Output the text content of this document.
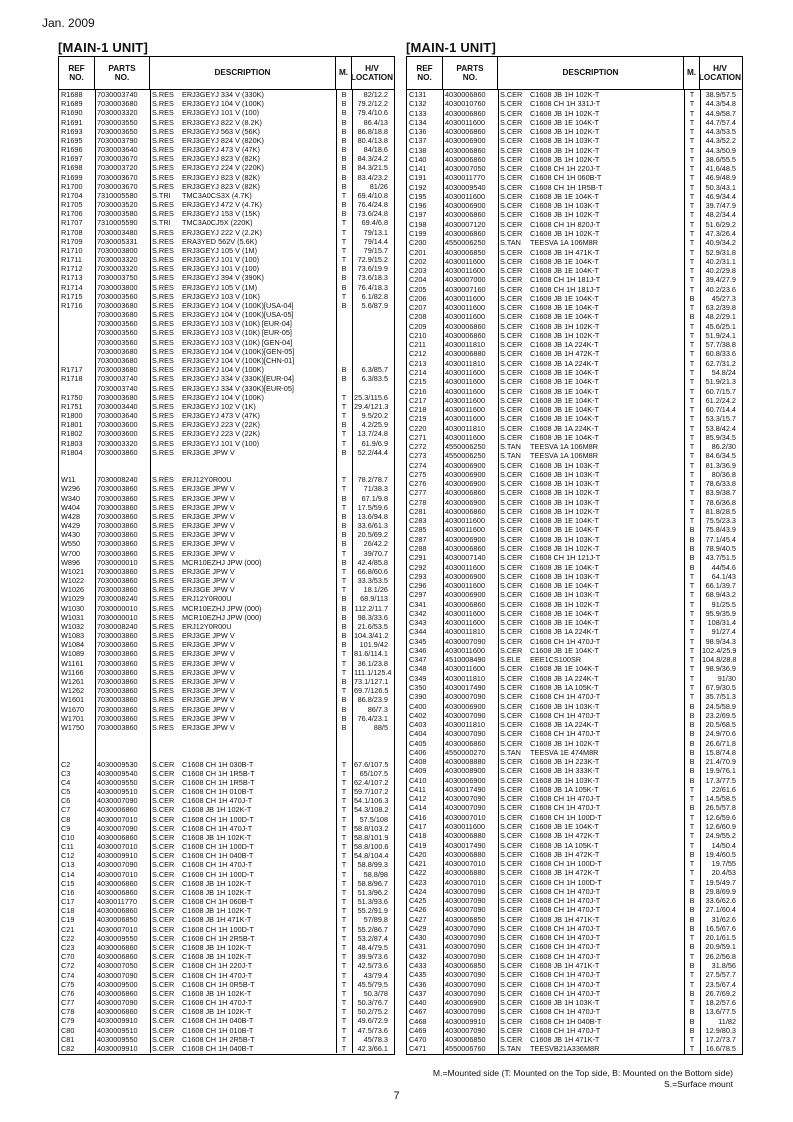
Jan. 2009
[MAIN-1 UNIT]	[MAIN-1 UNIT]
REF
NO.
PARTS
NO.
DESCRIPTION	M.
H/V
LOCATION
R1688	7030003740	S.RES ERJ3GEYJ 334 V (330K)	B	82/12.2
R1689	7030003680	S.RES ERJ3GEYJ 104 V (100K)	B	79.2/12.2
R1690	7030003320	S.RES ERJ3GEYJ 101 V (100)	B	79.4/10.6
R1691	7030003550	S.RES ERJ3GEYJ 822 V (8.2K)	B	86.4/13
R1693	7030003650	S.RES ERJ3GEYJ 563 V (56K)	B	86.8/18.8
R1695	7030003790	S.RES ERJ3GEYJ 824 V (820K)	B	80.4/13.8
R1696	7030003640	S.RES ERJ3GEYJ 473 V (47K)	B	84/18.6
R1697	7030003670	S.RES ERJ3GEYJ 823 V (82K)	B	84.3/24.2
R1698	7030003720	S.RES ERJ3GEYJ 224 V (220K)	B	84.3/21.5
R1699	7030003670	S.RES ERJ3GEYJ 823 V (82K)	B	83.4/23.2
R1700	7030003670	S.RES ERJ3GEYJ 823 V (82K)	B	81/26
R1704	7310005580	S.TRI TMC3A0CS3X (4.7K)	T	69.4/10.8
R1705	7030003520	S.RES ERJ3GEYJ 472 V (4.7K)	B	76.4/24.8
R1706	7030003580	S.RES ERJ3GEYJ 153 V (15K)	B	73.6/24.8
R1707	7310005590	S.TRI TMC3A0CJ5X (220K)	T	69.4/6.8
R1708	7030003480	S.RES ERJ3GEYJ 222 V (2.2K)	T	79/13.1
R1709	7030005331	S.RES ERA3YED 562V (5.6K)	T	79/14.4
R1710	7030003800	S.RES ERJ3GEYJ 105 V (1M)	T	79/15.7
R1711	7030003320	S.RES ERJ3GEYJ 101 V (100)	T	72.9/15.2
R1712	7030003320	S.RES ERJ3GEYJ 101 V (100)	B	73.6/19.9
R1713	7030003750	S.RES ERJ3GEYJ 394 V (390K)	B	73.6/18.3
R1714	7030003800	S.RES ERJ3GEYJ 105 V (1M)	B	76.4/18.3
R1715	7030003560	S.RES ERJ3GEYJ 103 V (10K)	T	6.1/82.8
R1716	7030003680	S.RES ERJ3GEYJ 104 V (100K)[USA-04]	B	5.6/87.9
7030003680	S.RES ERJ3GEYJ 104 V (100K)[USA-05]
7030003560	S.RES ERJ3GEYJ 103 V (10K) [EUR-04]
7030003560	S.RES ERJ3GEYJ 103 V (10K) [EUR-05]
7030003560	S.RES ERJ3GEYJ 103 V (10K) [GEN-04]
7030003680	S.RES ERJ3GEYJ 104 V (100K)[GEN-05]
7030003680	S.RES ERJ3GEYJ 104 V (100K)[CHN-01]
R1717	7030003680	S.RES ERJ3GEYJ 104 V (100K)	B	6.3/85.7
R1718	7030003740	S.RES ERJ3GEYJ 334 V (330K)[EUR-04]	B	6.3/83.5
7030003740	S.RES ERJ3GEYJ 334 V (330K)[EUR-05]
R1750	7030003680	S.RES ERJ3GEYJ 104 V (100K)	T	25.3/115.6
R1751	7030003440	S.RES ERJ3GEYJ 102 V (1K)	T	29.4/121.3
R1800	7030003640	S.RES ERJ3GEYJ 473 V (47K)	T	9.5/20.2
R1801	7030003600	S.RES ERJ3GEYJ 223 V (22K)	B	4.2/25.9
R1802	7030003600	S.RES ERJ3GEYJ 223 V (22K)	T	13.7/24.8
R1803	7030003320	S.RES ERJ3GEYJ 101 V (100)	T	61.9/6.9
R1804	7030003860	S.RES ERJ3GE JPW V	B	52.2/44.4
W11	7030008240	S.RES ERJ12Y0R00U	T	78.2/78.7
W296	7030003860	S.RES ERJ3GE JPW V	T	71/38.3
W340	7030003860	S.RES ERJ3GE JPW V	B	67.1/9.8
W404	7030003860	S.RES ERJ3GE JPW V	T	17.5/59.6
W428	7030003860	S.RES ERJ3GE JPW V	B	13.6/94.8
W429	7030003860	S.RES ERJ3GE JPW V	B	33.6/61.3
W430	7030003860	S.RES ERJ3GE JPW V	B	20.5/69.2
W550	7030003860	S.RES ERJ3GE JPW V	B	26/42.2
W700	7030003860	S.RES ERJ3GE JPW V	T	39/70.7
W896	7030000010	S.RES MCR10EZHJ JPW (000)	B	42.4/85.8
W1021	7030003860	S.RES ERJ3GE JPW V	T	66.8/60.6
W1022	7030003860	S.RES ERJ3GE JPW V	T	33.3/53.5
W1026	7030003860	S.RES ERJ3GE JPW V	T	18.1/26
W1029	7030008240	S.RES ERJ12Y0R00U	B	68.9/113
W1030	7030000010	S.RES MCR10EZHJ JPW (000)	B	112.2/11.7
W1031	7030000010	S.RES MCR10EZHJ JPW (000)	B	98.3/33.6
W1032	7030008240	S.RES ERJ12Y0R00U	B	21.6/53.5
W1083	7030003860	S.RES ERJ3GE JPW V	B	104.3/41.2
W1084	7030003860	S.RES ERJ3GE JPW V	B	101.9/42
W1089	7030003860	S.RES ERJ3GE JPW V	T	81.6/114.1
W1161	7030003860	S.RES ERJ3GE JPW V	T	36.1/23.8
W1166	7030003860	S.RES ERJ3GE JPW V	T	111.1/125.4
W1261	7030003860	S.RES ERJ3GE JPW V	B	73.1/127.1
W1262	7030003860	S.RES ERJ3GE JPW V	T	69.7/126.5
W1601	7030003860	S.RES ERJ3GE JPW V	B	86.8/23.9
W1670	7030003860	S.RES ERJ3GE JPW V	B	86/7.3
W1701	7030003860	S.RES ERJ3GE JPW V	B	76.4/23.1
W1750	7030003860	S.RES ERJ3GE JPW V	B	88/5
C2	4030009530	S.CER C1608 CH 1H 030B-T	T	67.6/107.5
C3	4030009540	S.CER C1608 CH 1H 1R5B-T	T	65/107.5
C4	4030009550	S.CER C1608 CH 1H 1R5B-T	T	62.4/107.2
C5	4030009510	S.CER C1608 CH 1H 010B-T	T	59.7/107.2
C6	4030007090	S.CER C1608 CH 1H 470J-T	T	54.1/106.3
C7	4030006860	S.CER C1608 JB 1H 102K-T	T	54.3/108.2
C8	4030007010	S.CER C1608 CH 1H 100D-T	T	57.5/108
C9	4030007090	S.CER C1608 CH 1H 470J-T	T	58.8/103.2
C10	4030006860	S.CER C1608 JB 1H 102K-T	T	58.8/101.9
C11	4030007010	S.CER C1608 CH 1H 100D-T	T	58.8/100.6
C12	4030009910	S.CER C1608 CH 1H 040B-T	T	54.8/104.4
C13	4030007090	S.CER C1608 CH 1H 470J-T	T	58.8/99.3
C14	4030007010	S.CER C1608 CH 1H 100D-T	T	58.8/98
C15	4030006860	S.CER C1608 JB 1H 102K-T	T	58.8/96.7
C16	4030006860	S.CER C1608 JB 1H 102K-T	T	51.3/96.2
C17	4030011770	S.CER C1608 CH 1H 060B-T	T	51.3/93.6
C18	4030006860	S.CER C1608 JB 1H 102K-T	T	55.2/91.9
C19	4030006850	S.CER C1608 JB 1H 471K-T	T	57/89.8
C21	4030007010	S.CER C1608 CH 1H 100D-T	T	55.2/86.7
C22	4030009550	S.CER C1608 CH 1H 2R5B-T	T	53.2/87.4
C23	4030006860	S.CER C1608 JB 1H 102K-T	T	48.4/79.5
C70	4030006860	S.CER C1608 JB 1H 102K-T	T	39.9/73.6
C72	4030007050	S.CER C1608 CH 1H 220J-T	T	42.5/73.6
C74	4030007090	S.CER C1608 CH 1H 470J-T	T	43/79.4
C75	4030009500	S.CER C1608 CH 1H 0R5B-T	T	45.5/79.5
C76	4030006860	S.CER C1608 JB 1H 102K-T	T	50.3/78
C77	4030007090	S.CER C1608 CH 1H 470J-T	T	50.3/76.7
C78	4030006860	S.CER C1608 JB 1H 102K-T	T	50.2/75.2
C79	4030009910	S.CER C1608 CH 1H 040B-T	T	49.6/72.9
C80	4030009510	S.CER C1608 CH 1H 010B-T	T	47.5/73.6
C81	4030009550	S.CER C1608 CH 1H 2R5B-T	T	45/78.3
C82	4030009910	S.CER C1608 CH 1H 040B-T	T	42.3/66.1
REF
NO.
PARTS
NO.
DESCRIPTION	M.
H/V
LOCATION
C131	4030006860	S.CER C1608 JB 1H 102K-T	T	38.9/57.5
C132	4030010760	S.CER C1608 CH 1H 331J-T	T	44.3/54.8
C133	4030006860	S.CER C1608 JB 1H 102K-T	T	44.9/58.7
C134	4030011600	S.CER C1608 JB 1E 104K-T	T	44.7/57.4
C136	4030006860	S.CER C1608 JB 1H 102K-T	T	44.3/53.5
C137	4030006900	S.CER C1608 JB 1H 103K-T	T	44.3/52.2
C138	4030006860	S.CER C1608 JB 1H 102K-T	T	44.3/50.9
C140	4030006860	S.CER C1608 JB 1H 102K-T	T	38.6/55.5
C141	4030007050	S.CER C1608 CH 1H 220J-T	T	41.6/48.5
C191	4030011770	S.CER C1608 CH 1H 060B-T	T	46.9/48.9
C192	4030009540	S.CER C1608 CH 1H 1R5B-T	T	50.3/43.1
C195	4030011600	S.CER C1608 JB 1E 104K-T	T	46.9/34.4
C196	4030006900	S.CER C1608 JB 1H 103K-T	T	39.7/47.9
C197	4030006860	S.CER C1608 JB 1H 102K-T	T	48.2/34.4
C198	4030007120	S.CER C1608 CH 1H 820J-T	T	51.6/29.2
C199	4030006860	S.CER C1608 JB 1H 102K-T	T	47.3/26.4
C200	4550006250	S.TAN TEESVA 1A 106M8R	T	40.9/34.2
C201	4030006850	S.CER C1608 JB 1H 471K-T	T	52.9/31.8
C202	4030011600	S.CER C1608 JB 1E 104K-T	T	40.2/31.1
C203	4030011600	S.CER C1608 JB 1E 104K-T	T	40.2/29.8
C204	4030007000	S.CER C1608 CH 1H 181J-T	T	39.4/27.9
C205	4030007160	S.CER C1608 CH 1H 181J-T	T	40.2/23.6
C206	4030011600	S.CER C1608 JB 1E 104K-T	B	45/27.3
C207	4030011600	S.CER C1608 JB 1E 104K-T	T	63.2/39.8
C208	4030011600	S.CER C1608 JB 1E 104K-T	B	48.2/29.1
C209	4030006860	S.CER C1608 JB 1H 102K-T	T	45.6/25.1
C210	4030006860	S.CER C1608 JB 1H 102K-T	T	51.9/24.1
C211	4030011810	S.CER C1608 JB 1A 224K-T	T	57.7/38.8
C212	4030006880	S.CER C1608 JB 1H 472K-T	T	60.8/33.6
C213	4030011810	S.CER C1608 JB 1A 224K-T	T	62.7/31.2
C214	4030011600	S.CER C1608 JB 1E 104K-T	T	54.8/24
C215	4030011600	S.CER C1608 JB 1E 104K-T	T	51.9/21.3
C216	4030011600	S.CER C1608 JB 1E 104K-T	T	60.7/15.7
C217	4030011600	S.CER C1608 JB 1E 104K-T	T	61.2/24.2
C218	4030011600	S.CER C1608 JB 1E 104K-T	T	60.7/14.4
C219	4030011600	S.CER C1608 JB 1E 104K-T	T	53.3/15.7
C220	4030011810	S.CER C1608 JB 1A 224K-T	T	53.8/42.4
C271	4030011600	S.CER C1608 JB 1E 104K-T	T	85.9/34.5
C272	4550006250	S.TAN TEESVA 1A 106M8R	T	86.2/30
C273	4550006250	S.TAN TEESVA 1A 106M8R	T	84.6/34.5
C274	4030006900	S.CER C1608 JB 1H 103K-T	T	81.3/36.9
C275	4030006900	S.CER C1608 JB 1H 103K-T	T	80/36.8
C276	4030006900	S.CER C1608 JB 1H 103K-T	T	78.6/33.8
C277	4030006860	S.CER C1608 JB 1H 102K-T	T	83.9/38.7
C278	4030006900	S.CER C1608 JB 1H 103K-T	T	78.6/36.8
C281	4030006860	S.CER C1608 JB 1H 102K-T	T	81.8/28.5
C283	4030011600	S.CER C1608 JB 1E 104K-T	T	75.5/23.3
C285	4030011600	S.CER C1608 JB 1E 104K-T	B	75.8/43.9
C287	4030006900	S.CER C1608 JB 1H 103K-T	B	77.1/45.4
C288	4030006860	S.CER C1608 JB 1H 102K-T	B	78.9/40.5
C291	4030007140	S.CER C1608 CH 1H 121J-T	B	43.7/51.5
C292	4030011600	S.CER C1608 JB 1E 104K-T	B	44/54.6
C293	4030006900	S.CER C1608 JB 1H 103K-T	T	64.1/43
C296	4030011600	S.CER C1608 JB 1E 104K-T	T	66.1/39.7
C297	4030006900	S.CER C1608 JB 1H 103K-T	T	68.9/43.2
C341	4030006860	S.CER C1608 JB 1H 102K-T	T	91/25.5
C342	4030011600	S.CER C1608 JB 1E 104K-T	T	95.9/35.9
C343	4030011600	S.CER C1608 JB 1E 104K-T	T	108/31.4
C344	4030011810	S.CER C1608 JB 1A 224K-T	T	91/27.4
C345	4030007090	S.CER C1608 CH 1H 470J-T	T	98.9/34.3
C346	4030011600	S.CER C1608 JB 1E 104K-T	T	102.4/25.9
C347	4510008490	S.ELE EEE1CS100SR	T	104.8/28.8
C348	4030011600	S.CER C1608 JB 1E 104K-T	T	98.9/36.9
C349	4030011810	S.CER C1608 JB 1A 224K-T	T	91/30
C350	4030017490	S.CER C1608 JB 1A 105K-T	T	67.9/30.5
C390	4030007090	S.CER C1608 CH 1H 470J-T	T	35.7/51.3
C400	4030006900	S.CER C1608 JB 1H 103K-T	B	24.5/58.9
C402	4030007090	S.CER C1608 CH 1H 470J-T	B	23.2/69.5
C403	4030011810	S.CER C1608 JB 1A 224K-T	B	20.5/68.5
C404	4030007090	S.CER C1608 CH 1H 470J-T	B	24.9/70.6
C405	4030006860	S.CER C1608 JB 1H 102K-T	B	26.6/71.8
C406	4550000270	S.TAN TEESVA 1E 474M8R	B	15.8/74.8
C408	4030008880	S.CER C1608 JB 1H 223K-T	B	21.4/70.9
C409	4030008900	S.CER C1608 JB 1H 333K-T	B	19.9/76.1
C410	4030006900	S.CER C1608 JB 1H 103K-T	B	17.3/77.5
C411	4030017490	S.CER C1608 JB 1A 105K-T	T	22/61.6
C412	4030007090	S.CER C1608 CH 1H 470J-T	T	14.5/58.5
C414	4030007090	S.CER C1608 CH 1H 470J-T	B	26.5/57.8
C416	4030007010	S.CER C1608 CH 1H 100D-T	T	12.6/59.6
C417	4030011600	S.CER C1608 JB 1E 104K-T	T	12.6/60.9
C418	4030006880	S.CER C1608 JB 1H 472K-T	T	24.9/55.2
C419	4030017490	S.CER C1608 JB 1A 105K-T	T	14/50.4
C420	4030006880	S.CER C1608 JB 1H 472K-T	B	19.4/60.5
C421	4030007010	S.CER C1608 CH 1H 100D-T	T	19.7/55
C422	4030006880	S.CER C1608 JB 1H 472K-T	T	20.4/53
C423	4030007010	S.CER C1608 CH 1H 100D-T	T	19.5/49.7
C424	4030007090	S.CER C1608 CH 1H 470J-T	B	29.8/69.9
C425	4030007090	S.CER C1608 CH 1H 470J-T	B	33.6/62.6
C426	4030007090	S.CER C1608 CH 1H 470J-T	B	27.1/60.4
C427	4030006850	S.CER C1608 JB 1H 471K-T	B	31/62.6
C429	4030007090	S.CER C1608 CH 1H 470J-T	B	16.5/67.6
C430	4030007090	S.CER C1608 CH 1H 470J-T	T	20.1/61.5
C431	4030007090	S.CER C1608 CH 1H 470J-T	B	20.9/59.1
C432	4030007090	S.CER C1608 CH 1H 470J-T	T	26.2/56.8
C433	4030006850	S.CER C1608 JB 1H 471K-T	B	31.8/56
C435	4030007090	S.CER C1608 CH 1H 470J-T	T	27.5/57.7
C436	4030007090	S.CER C1608 CH 1H 470J-T	T	23.5/67.4
C437	4030007090	S.CER C1608 CH 1H 470J-T	B	26.7/69.2
C440	4030006900	S.CER C1608 JB 1H 103K-T	T	18.2/57.6
C467	4030007090	S.CER C1608 CH 1H 470J-T	B	13.6/77.5
C468	4030009910	S.CER C1608 CH 1H 040B-T	B	11/82
C469	4030007090	S.CER C1608 CH 1H 470J-T	B	12.9/80.3
C470	4030006850	S.CER C1608 JB 1H 471K-T	T	17.2/73.7
C471	4550006760	S.TAN TEESVB21A336M8R	T	16.6/78.5
M.=Mounted side (T: Mounted on the Top side, B: Mounted on the Bottom side)
S.=Surface mount
7
